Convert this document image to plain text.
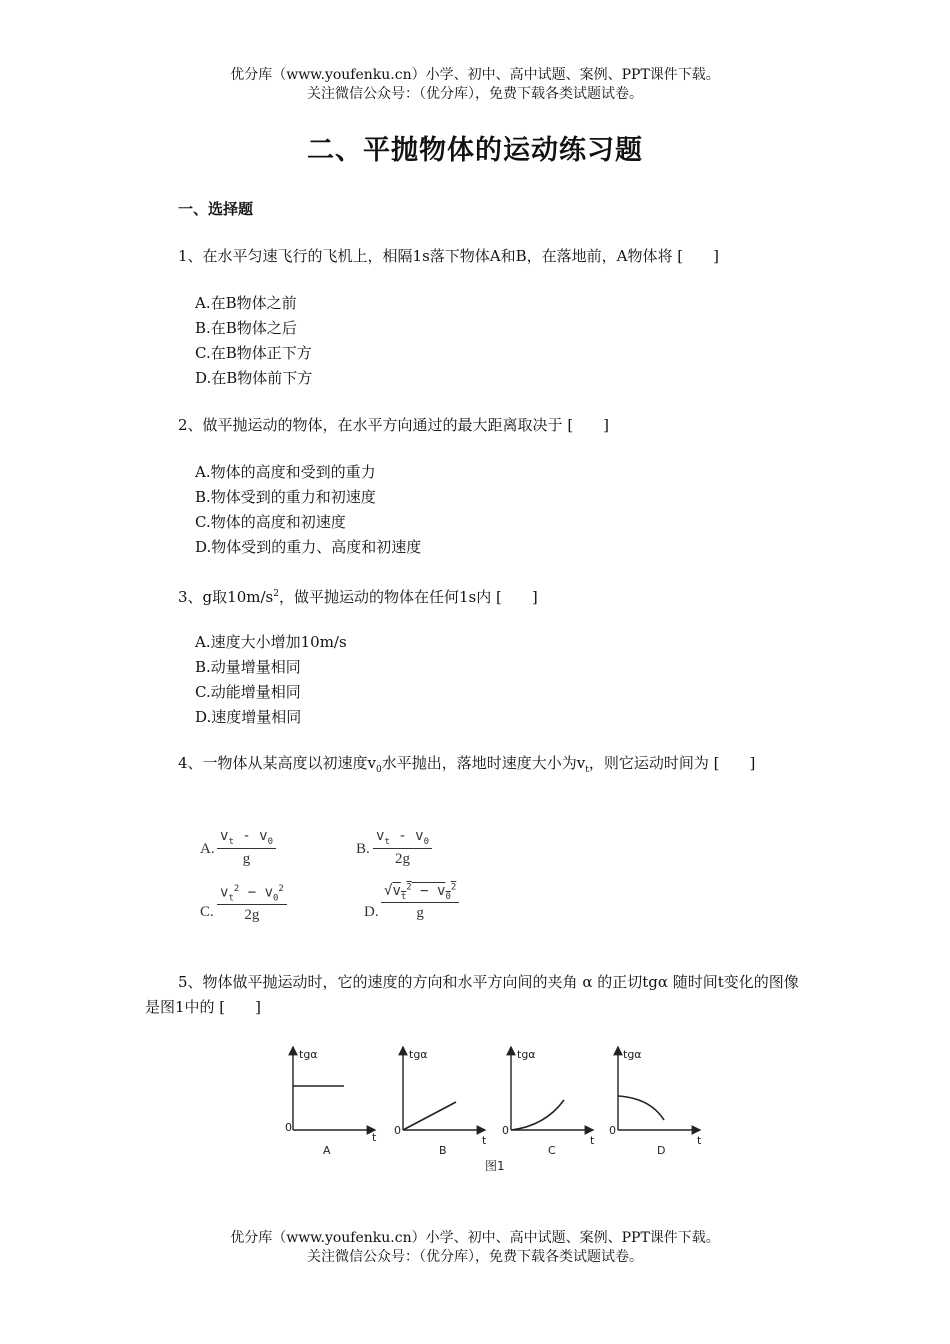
优分库（www.youfenku.cn）小学、初中、高中试题、案例、PPT课件下载。
关注微信公众号：（优分库），免费下载各类试题试卷。
二、平抛物体的运动练习题
一、选择题
1、在水平匀速飞行的飞机上，相隔1s落下物体A和B，在落地前，A物体将 [　　]
A.在B物体之前
B.在B物体之后
C.在B物体正下方
D.在B物体前下方
2、做平抛运动的物体，在水平方向通过的最大距离取决于 [　　]
A.物体的高度和受到的重力
B.物体受到的重力和初速度
C.物体的高度和初速度
D.物体受到的重力、高度和初速度
3、g取$10m/s^2$，做平抛运动的物体在任何1s内 [　　]
A.速度大小增加10m/s
B.动量增量相同
C.动能增量相同
D.速度增量相同
4、一物体从某高度以初速度$v_0$水平抛出，落地时速度大小为$v_t$，则它运动时间为 [　　]
A. $\frac{v_t - v_0}{g}$	B. $\frac{v_t - v_0}{2g}$
C. $\frac{v_t^2 - v_0^2}{2g}$	D. $\frac{√v_t^2 - v_0^2}{g}$
5、物体做平抛运动时，它的速度的方向和水平方向间的夹角 α 的正切tgα 随时间t变化的图像是图1中的 [　　]
tgα
0
t
A
tgα
0
t
B
tgα
0
t
C
tgα
0
t
D
图1
优分库（www.youfenku.cn）小学、初中、高中试题、案例、PPT课件下载。
关注微信公众号：（优分库），免费下载各类试题试卷。
